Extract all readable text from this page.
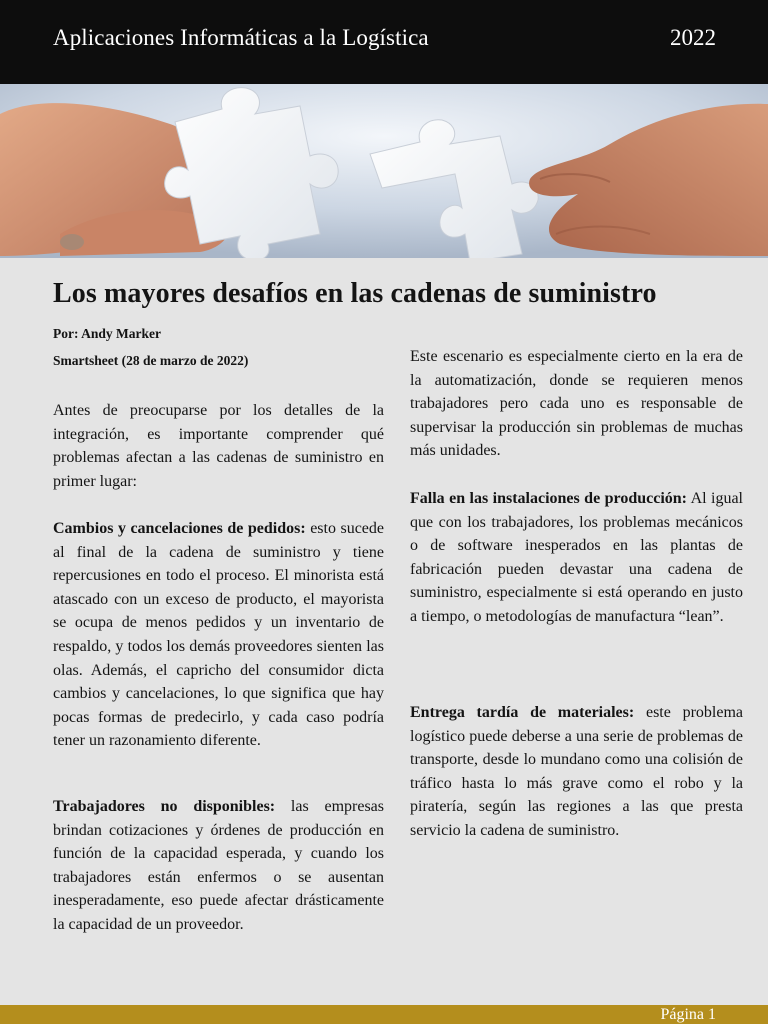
Aplicaciones Informáticas a la Logística	2022
Los mayores desafíos en las cadenas de suministro
Por: Andy Marker
Smartsheet (28 de marzo de 2022)

Antes de preocuparse por los detalles de la integración, es importante comprender qué problemas afectan a las cadenas de suministro en primer lugar:

Cambios y cancelaciones de pedidos: esto sucede al final de la cadena de suministro y tiene repercusiones en todo el proceso. El minorista está atascado con un exceso de producto, el mayorista se ocupa de menos pedidos y un inventario de respaldo, y todos los demás proveedores sienten las olas. Además, el capricho del consumidor dicta cambios y cancelaciones, lo que significa que hay pocas formas de predecirlo, y cada caso podría tener un razonamiento diferente.

Trabajadores no disponibles: las empresas brindan cotizaciones y órdenes de producción en función de la capacidad esperada, y cuando los trabajadores están enfermos o se ausentan inesperadamente, eso puede afectar drásticamente la capacidad de un proveedor.

Este escenario es especialmente cierto en la era de la automatización, donde se requieren menos trabajadores pero cada uno es responsable de supervisar la producción sin problemas de muchas más unidades.

Falla en las instalaciones de producción: Al igual que con los trabajadores, los problemas mecánicos o de software inesperados en las plantas de fabricación pueden devastar una cadena de suministro, especialmente si está operando en justo a tiempo, o metodologías de manufactura “lean”.

Entrega tardía de materiales: este problema logístico puede deberse a una serie de problemas de transporte, desde lo mundano como una colisión de tráfico hasta lo más grave como el robo y la piratería, según las regiones a las que presta servicio la cadena de suministro.

Página 1
